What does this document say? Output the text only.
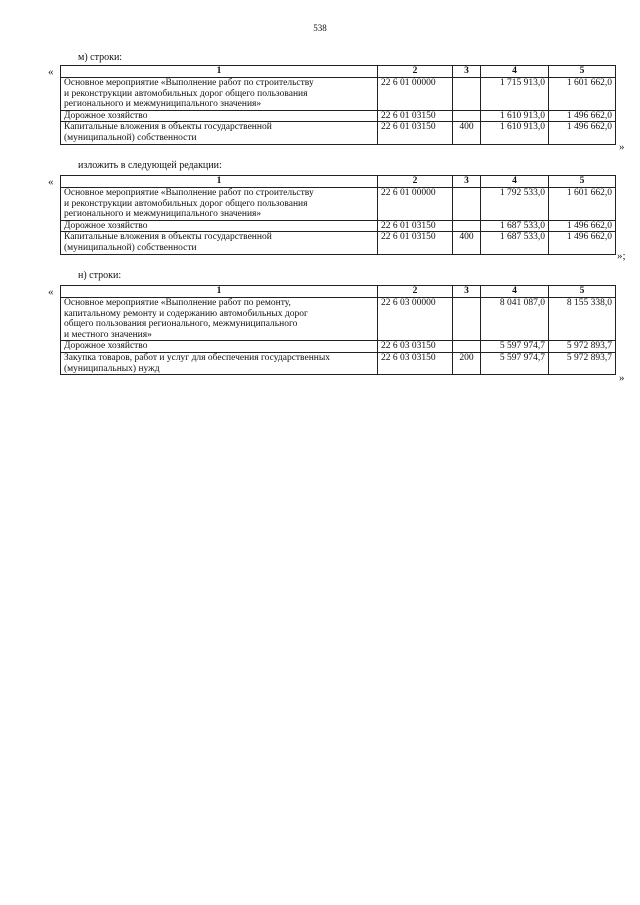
538
м) строки:
«	1	2	3	4	5

Основное мероприятие «Выполнение работ по строительству
и реконструкции автомобильных дорог общего пользования
регионального и межмуниципального значения»	22 6 01 00000		1 715 913,0	1 601 662,0

Дорожное хозяйство	22 6 01 03150		1 610 913,0	1 496 662,0

Капитальные вложения в объекты государственной
(муниципальной) собственности	22 6 01 03150	400	1 610 913,0	1 496 662,0
»
изложить в следующей редакции:
«	1	2	3	4	5

Основное мероприятие «Выполнение работ по строительству
и реконструкции автомобильных дорог общего пользования
регионального и межмуниципального значения»	22 6 01 00000		1 792 533,0	1 601 662,0

Дорожное хозяйство	22 6 01 03150		1 687 533,0	1 496 662,0

Капитальные вложения в объекты государственной
(муниципальной) собственности	22 6 01 03150	400	1 687 533,0	1 496 662,0
»;
н) строки:
«	1	2	3	4	5

Основное мероприятие «Выполнение работ по ремонту,
капитальному ремонту и содержанию автомобильных дорог
общего пользования регионального, межмуниципального
и местного значения»	22 6 03 00000		8 041 087,0	8 155 338,0

Дорожное хозяйство	22 6 03 03150		5 597 974,7	5 972 893,7

Закупка товаров, работ и услуг для обеспечения государственных
(муниципальных) нужд	22 6 03 03150	200	5 597 974,7	5 972 893,7
»
